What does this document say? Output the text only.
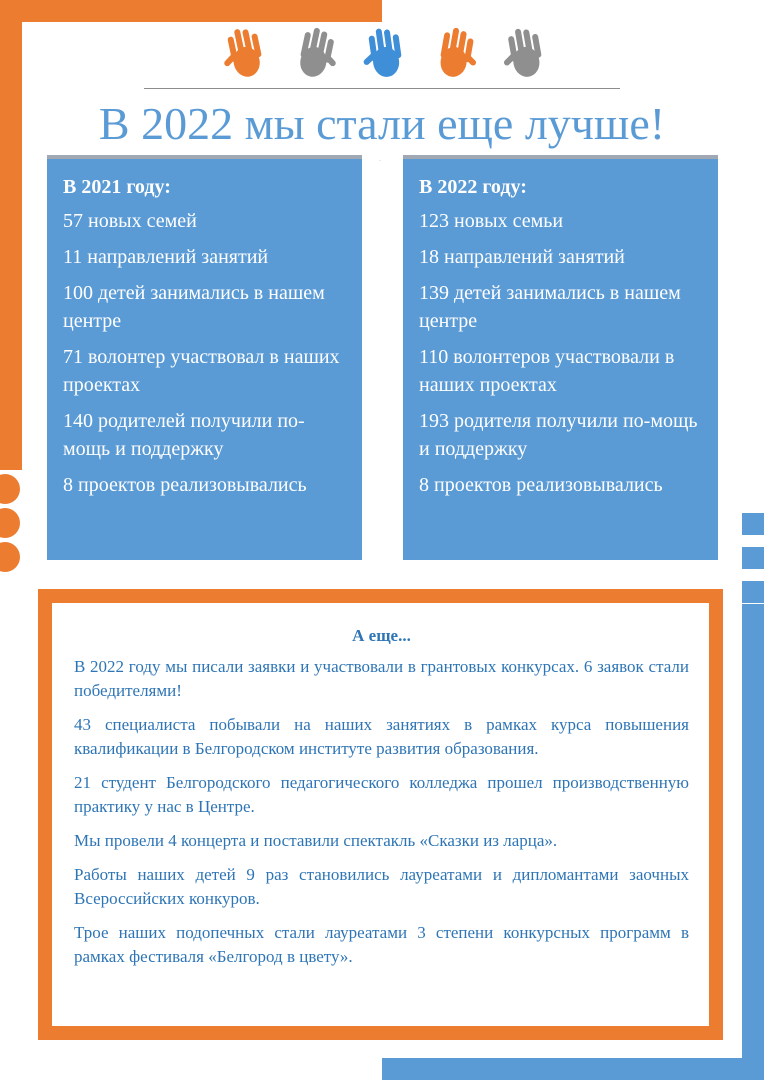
В 2022 мы стали еще лучше!
...
В 2021 году:
57 новых семей
11 направлений занятий
100 детей занимались в нашем центре
71 волонтер участвовал в наших проектах
140 родителей получили по-мощь и поддержку
8 проектов реализовывались
В 2022 году:
123 новых семьи
18 направлений занятий
139 детей занимались в нашем центре
110 волонтеров участвовали в наших проектах
193 родителя получили по-мощь и поддержку
8 проектов реализовывались
А еще...

В 2022 году мы писали заявки и участвовали в грантовых конкурсах. 6 заявок стали победителями!

43 специалиста побывали на наших занятиях в рамках курса повышения квалификации в Белгородском институте развития образования.

21 студент Белгородского педагогического колледжа прошел производственную практику у нас в Центре.

Мы провели 4 концерта и поставили спектакль «Сказки из ларца».

Работы наших детей 9 раз становились лауреатами и дипломантами заочных Всероссийских конкуров.

Трое наших подопечных стали лауреатами 3 степени конкурсных программ в рамках фестиваля «Белгород в цвету».
